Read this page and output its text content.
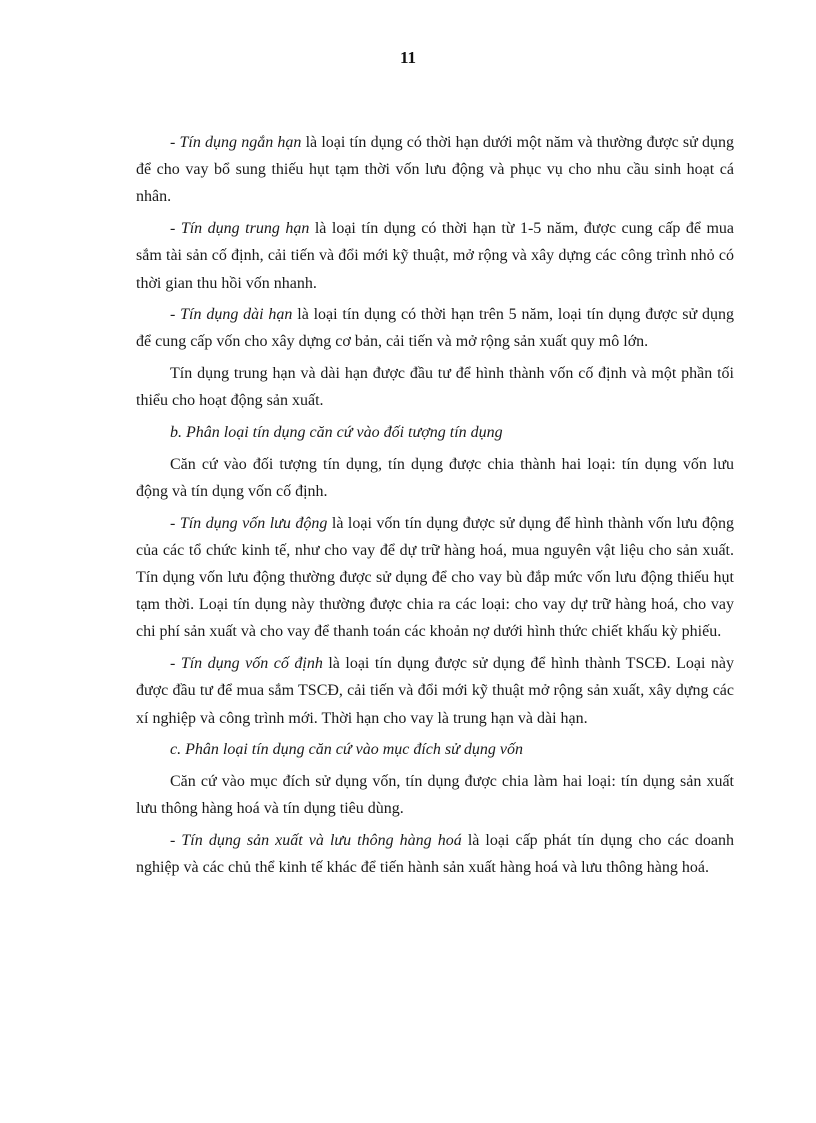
11

- Tín dụng ngắn hạn là loại tín dụng có thời hạn dưới một năm và thường được sử dụng để cho vay bổ sung thiếu hụt tạm thời vốn lưu động và phục vụ cho nhu cầu sinh hoạt cá nhân.

- Tín dụng trung hạn là loại tín dụng có thời hạn từ 1-5 năm, được cung cấp để mua sắm tài sản cố định, cải tiến và đổi mới kỹ thuật, mở rộng và xây dựng các công trình nhỏ có thời gian thu hồi vốn nhanh.

- Tín dụng dài hạn là loại tín dụng có thời hạn trên 5 năm, loại tín dụng được sử dụng để cung cấp vốn cho xây dựng cơ bản, cải tiến và mở rộng sản xuất quy mô lớn.

Tín dụng trung hạn và dài hạn được đầu tư để hình thành vốn cố định và một phần tối thiểu cho hoạt động sản xuất.

b. Phân loại tín dụng căn cứ vào đối tượng tín dụng

Căn cứ vào đối tượng tín dụng, tín dụng được chia thành hai loại: tín dụng vốn lưu động và tín dụng vốn cố định.

- Tín dụng vốn lưu động là loại vốn tín dụng được sử dụng để hình thành vốn lưu động của các tổ chức kinh tế, như cho vay để dự trữ hàng hoá, mua nguyên vật liệu cho sản xuất. Tín dụng vốn lưu động thường được sử dụng để cho vay bù đắp mức vốn lưu động thiếu hụt tạm thời. Loại tín dụng này thường được chia ra các loại: cho vay dự trữ hàng hoá, cho vay chi phí sản xuất và cho vay để thanh toán các khoản nợ dưới hình thức chiết khấu kỳ phiếu.

- Tín dụng vốn cố định là loại tín dụng được sử dụng để hình thành TSCĐ. Loại này được đầu tư để mua sắm TSCĐ, cải tiến và đổi mới kỹ thuật mở rộng sản xuất, xây dựng các xí nghiệp và công trình mới. Thời hạn cho vay là trung hạn và dài hạn.

c. Phân loại tín dụng căn cứ vào mục đích sử dụng vốn

Căn cứ vào mục đích sử dụng vốn, tín dụng được chia làm hai loại: tín dụng sản xuất lưu thông hàng hoá và tín dụng tiêu dùng.

- Tín dụng sản xuất và lưu thông hàng hoá là loại cấp phát tín dụng cho các doanh nghiệp và các chủ thể kinh tế khác để tiến hành sản xuất hàng hoá và lưu thông hàng hoá.
